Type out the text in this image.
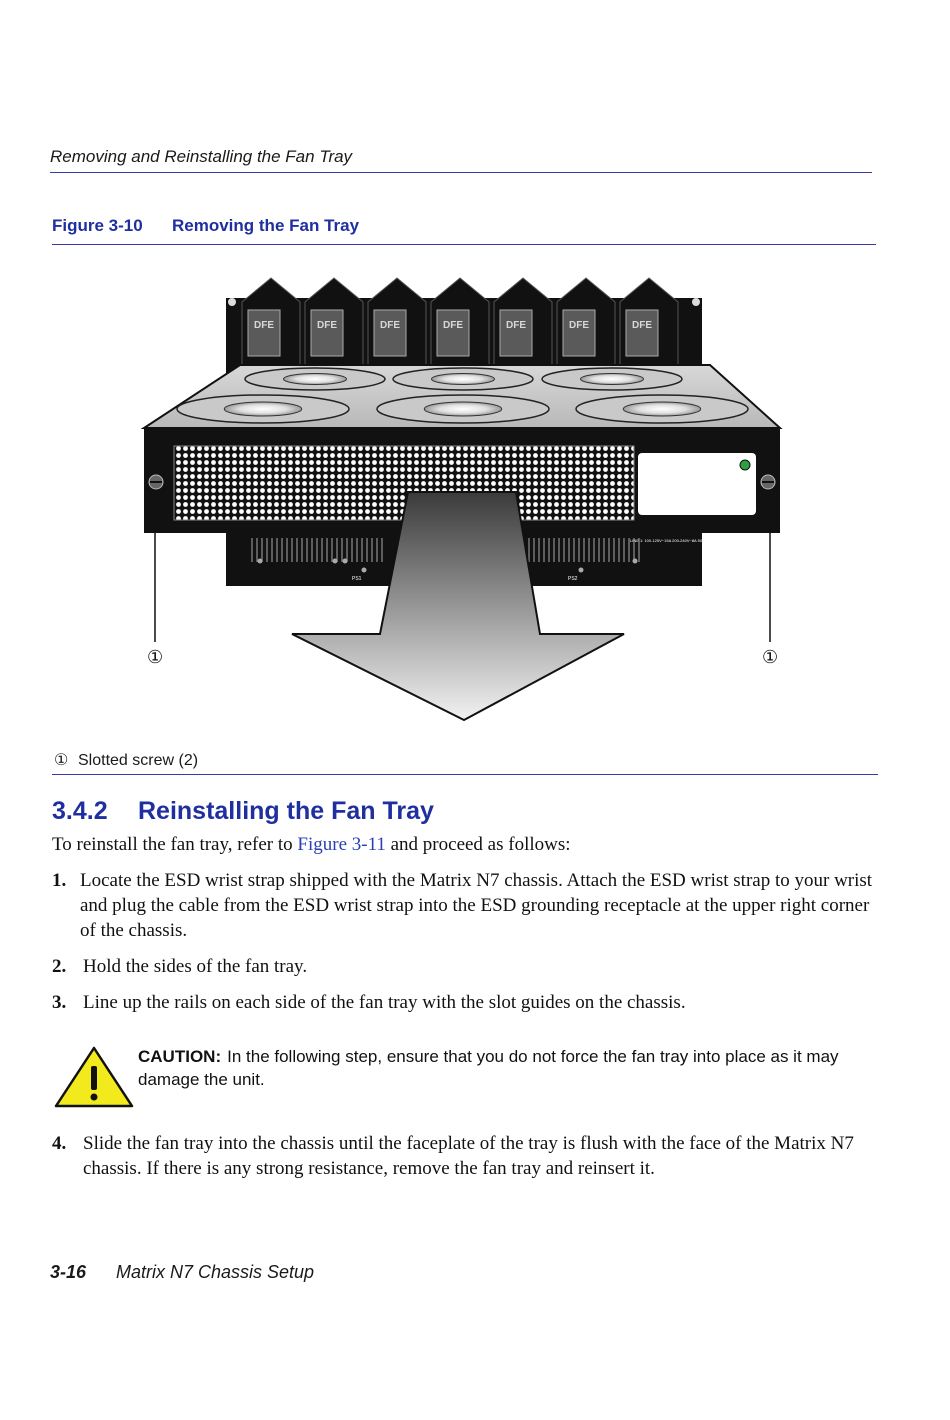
Removing and Reinstalling the Fan Tray
Figure 3-10 Removing the Fan Tray
DFE	DFE	DFE	DFE	DFE	DFE	DFE
PS1	PS2
LINE 1: 100-125V~15A 200-240V~8A 50/60Hz
①	①
① Slotted screw (2)
3.4.2 Reinstalling the Fan Tray
To reinstall the fan tray, refer to Figure 3-11 and proceed as follows:
1. Locate the ESD wrist strap shipped with the Matrix N7 chassis. Attach the ESD wrist strap to your wrist and plug the cable from the ESD wrist strap into the ESD grounding receptacle at the upper right corner of the chassis.
2. Hold the sides of the fan tray.
3. Line up the rails on each side of the fan tray with the slot guides on the chassis.
CAUTION: In the following step, ensure that you do not force the fan tray into place as it may damage the unit.
4. Slide the fan tray into the chassis until the faceplate of the tray is flush with the face of the Matrix N7 chassis. If there is any strong resistance, remove the fan tray and reinsert it.
3-16 Matrix N7 Chassis Setup
